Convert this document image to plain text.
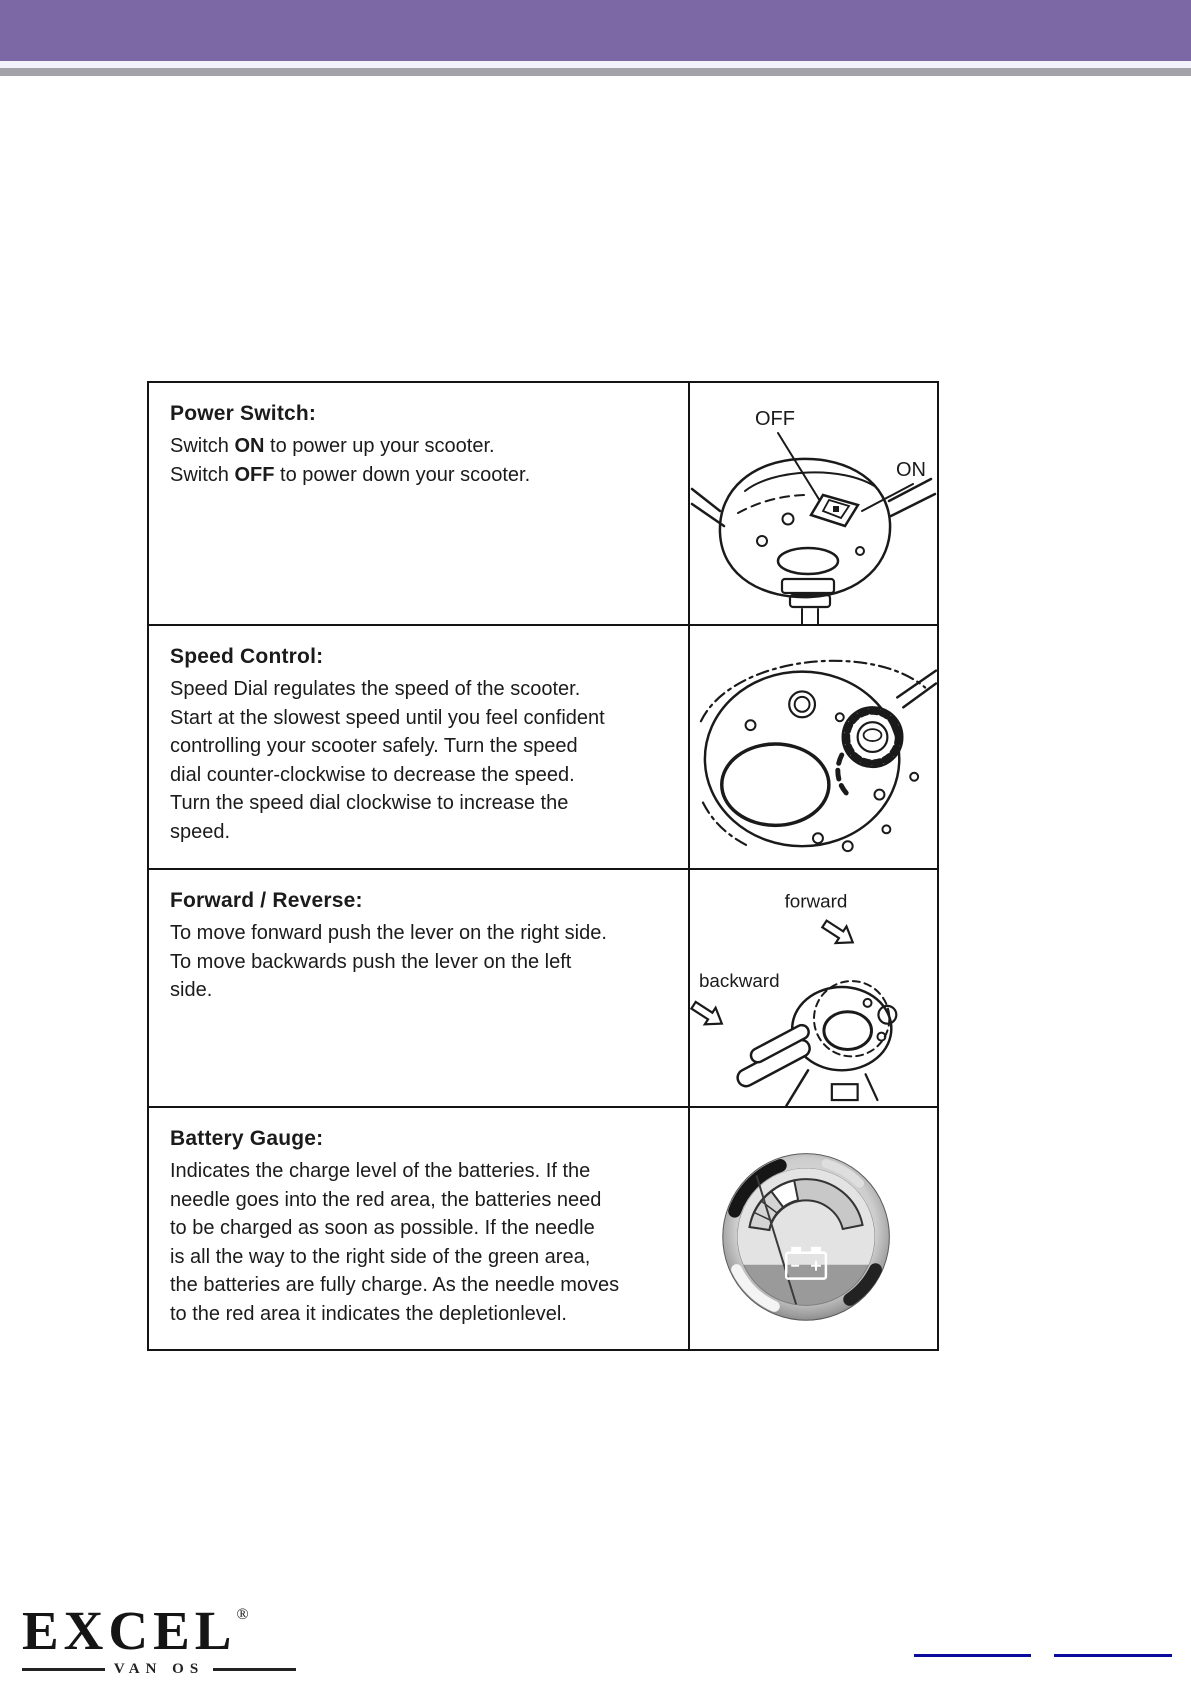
Power Switch:
Switch ON to power up your scooter.
Switch OFF to power down your scooter.
OFF
ON
Speed Control:
Speed Dial regulates the speed of the scooter.
Start at the slowest speed until you feel confident
controlling your scooter safely. Turn the speed
dial counter-clockwise to decrease the speed.
Turn the speed dial clockwise to increase the
speed.
Forward / Reverse:
To move fonward push the lever on the right side.
To move backwards push the lever on the left
side.
forward
backward
Battery Gauge:
Indicates the charge level of the batteries. If the
needle goes into the red area, the batteries need
to be charged as soon as possible. If the needle
is all the way to the right side of the green area,
the batteries are fully charge. As the needle moves
to the red area it indicates the depletionlevel.
EXCEL®
VAN OS
